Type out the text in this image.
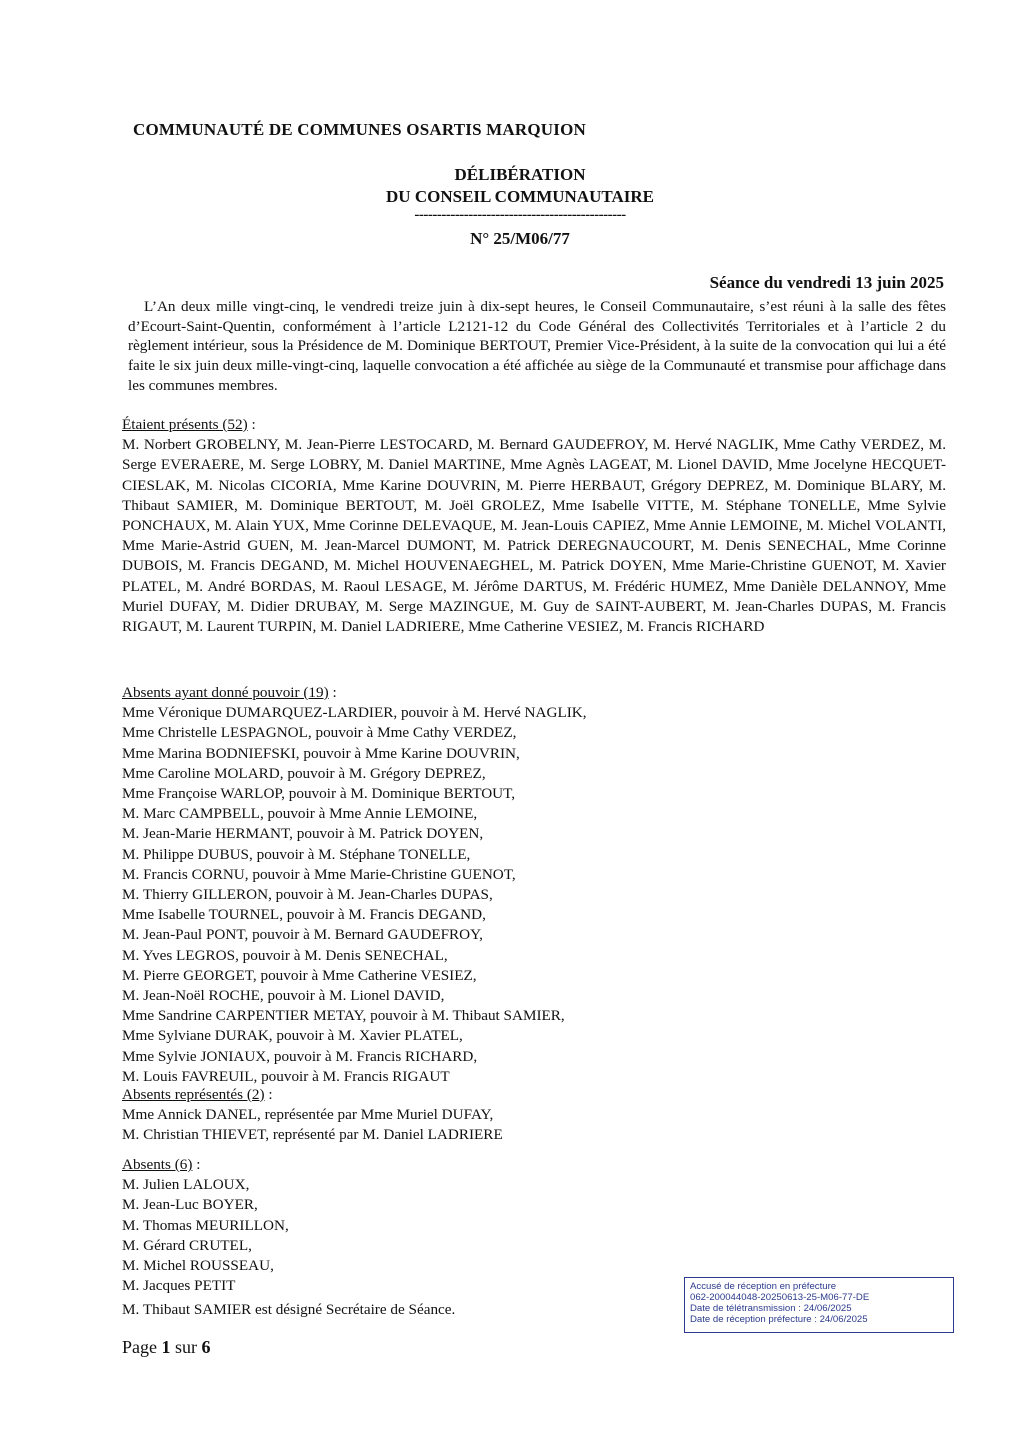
COMMUNAUTÉ DE COMMUNES OSARTIS MARQUION
DÉLIBÉRATION
DU CONSEIL COMMUNAUTAIRE
-----------------------------------------------
N° 25/M06/77
Séance du vendredi 13 juin 2025

L’An deux mille vingt-cinq, le vendredi treize juin à dix-sept heures, le Conseil Communautaire, s’est réuni à la salle des fêtes d’Ecourt-Saint-Quentin, conformément à l’article L2121-12 du Code Général des Collectivités Territoriales et à l’article 2 du règlement intérieur, sous la Présidence de M. Dominique BERTOUT, Premier Vice-Président, à la suite de la convocation qui lui a été faite le six juin deux mille-vingt-cinq, laquelle convocation a été affichée au siège de la Communauté et transmise pour affichage dans les communes membres.

Étaient présents (52) :

M. Norbert GROBELNY, M. Jean-Pierre LESTOCARD, M. Bernard GAUDEFROY, M. Hervé NAGLIK, Mme Cathy VERDEZ, M. Serge EVERAERE, M. Serge LOBRY, M. Daniel MARTINE, Mme Agnès LAGEAT, M. Lionel DAVID, Mme Jocelyne HECQUET-CIESLAK, M. Nicolas CICORIA, Mme Karine DOUVRIN, M. Pierre HERBAUT, Grégory DEPREZ, M. Dominique BLARY, M. Thibaut SAMIER, M. Dominique BERTOUT, M. Joël GROLEZ, Mme Isabelle VITTE, M. Stéphane TONELLE, Mme Sylvie PONCHAUX, M. Alain YUX, Mme Corinne DELEVAQUE, M. Jean-Louis CAPIEZ, Mme Annie LEMOINE, M. Michel VOLANTI, Mme Marie-Astrid GUEN, M. Jean-Marcel DUMONT, M. Patrick DEREGNAUCOURT, M. Denis SENECHAL, Mme Corinne DUBOIS, M. Francis DEGAND, M. Michel HOUVENAEGHEL, M. Patrick DOYEN, Mme Marie-Christine GUENOT, M. Xavier PLATEL, M. André BORDAS, M. Raoul LESAGE, M. Jérôme DARTUS, M. Frédéric HUMEZ, Mme Danièle DELANNOY, Mme Muriel DUFAY, M. Didier DRUBAY, M. Serge MAZINGUE, M. Guy de SAINT-AUBERT, M. Jean-Charles DUPAS, M. Francis RIGAUT, M. Laurent TURPIN, M. Daniel LADRIERE, Mme Catherine VESIEZ, M. Francis RICHARD

Absents ayant donné pouvoir (19) :
Mme Véronique DUMARQUEZ-LARDIER, pouvoir à M. Hervé NAGLIK,
Mme Christelle LESPAGNOL, pouvoir à Mme Cathy VERDEZ,
Mme Marina BODNIEFSKI, pouvoir à Mme Karine DOUVRIN,
Mme Caroline MOLARD, pouvoir à M. Grégory DEPREZ,
Mme Françoise WARLOP, pouvoir à M. Dominique BERTOUT,
M. Marc CAMPBELL, pouvoir à Mme Annie LEMOINE,
M. Jean-Marie HERMANT, pouvoir à M. Patrick DOYEN,
M. Philippe DUBUS, pouvoir à M. Stéphane TONELLE,
M. Francis CORNU, pouvoir à Mme Marie-Christine GUENOT,
M. Thierry GILLERON, pouvoir à M. Jean-Charles DUPAS,
Mme Isabelle TOURNEL, pouvoir à M. Francis DEGAND,
M. Jean-Paul PONT, pouvoir à M. Bernard GAUDEFROY,
M. Yves LEGROS, pouvoir à M. Denis SENECHAL,
M. Pierre GEORGET, pouvoir à Mme Catherine VESIEZ,
M. Jean-Noël ROCHE, pouvoir à M. Lionel DAVID,
Mme Sandrine CARPENTIER METAY, pouvoir à M. Thibaut SAMIER,
Mme Sylviane DURAK, pouvoir à M. Xavier PLATEL,
Mme Sylvie JONIAUX, pouvoir à M. Francis RICHARD,
M. Louis FAVREUIL, pouvoir à M. Francis RIGAUT
Absents représentés (2) :
Mme Annick DANEL, représentée par Mme Muriel DUFAY,
M. Christian THIEVET, représenté par M. Daniel LADRIERE
Absents (6) :
M. Julien LALOUX,
M. Jean-Luc BOYER,
M. Thomas MEURILLON,
M. Gérard CRUTEL,
M. Michel ROUSSEAU,
M. Jacques PETIT
M. Thibaut SAMIER est désigné Secrétaire de Séance.
Accusé de réception en préfecture
062-200044048-20250613-25-M06-77-DE
Date de télétransmission : 24/06/2025
Date de réception préfecture : 24/06/2025
Page 1 sur 6
